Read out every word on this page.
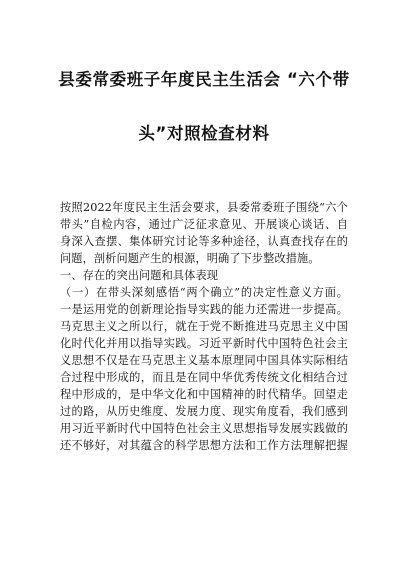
县委常委班子年度民主生活会 “六个带
头”对照检查材料
按照2022年度民主生活会要求，县委常委班子围绕“六个
带头”自检内容，通过广泛征求意见、开展谈心谈话、自
身深入查摆、集体研究讨论等多种途径，认真查找存在的
问题，剖析问题产生的根源，明确了下步整改措施。
一、存在的突出问题和具体表现
（一）在带头深刻感悟“两个确立”的决定性意义方面。
一是运用党的创新理论指导实践的能力还需进一步提高。
马克思主义之所以行，就在于党不断推进马克思主义中国
化时代化并用以指导实践。习近平新时代中国特色社会主
义思想不仅是在马克思主义基本原理同中国具体实际相结
合过程中形成的，而且是在同中华优秀传统文化相结合过
程中形成的，是中华文化和中国精神的时代精华。回望走
过的路，从历史维度、发展力度、现实角度看，我们感到
用习近平新时代中国特色社会主义思想指导发展实践做的
还不够好，对其蕴含的科学思想方法和工作方法理解把握
